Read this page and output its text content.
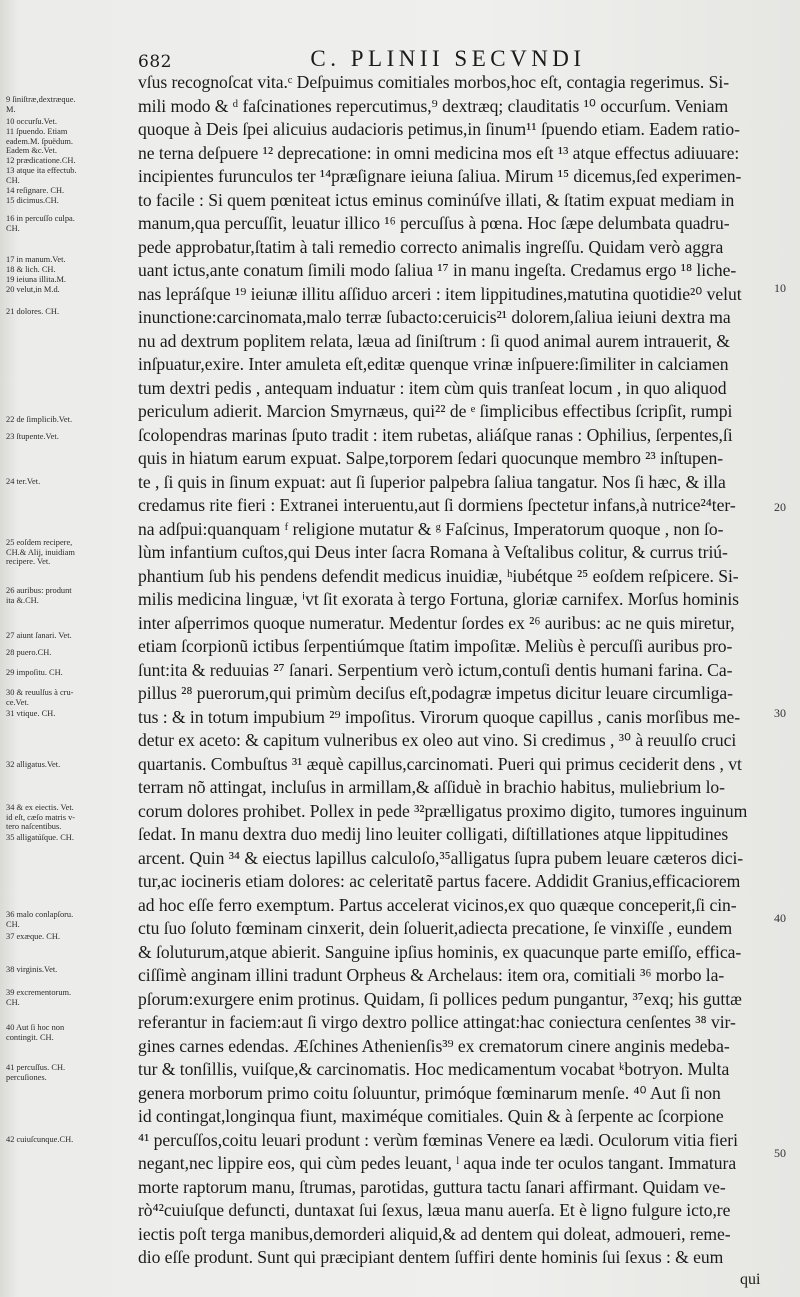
682	C. PLINII SECVNDI
9 ſiniſtræ,dextræque.
M.
10 occurſu.Vet.
11 ſpuendo. Etiam
eadem.M. ſpuëdum.
Eadem &c.Vet.
12 prædicatione.CH.
13 atque ita effectub.
CH.
14 reſignare. CH.
15 dicimus.CH.
16 in percuſſo culpa.
CH.
17 in manum.Vet.
18 & lich. CH.
19 ieiuna illita.M.
20 velut,in M.d.
21 dolores. CH.
22 de ſimplicib.Vet.
23 ſtupente.Vet.
24 ter.Vet.
25 eoſdem recipere,
CH.& Alij, inuidiam
recipere. Vet.
26 auribus: produnt
ita &.CH.
27 aiunt ſanari. Vet.
28 puero.CH.
29 impoſitu. CH.
30 & reuulſus à cru-
ce.Vet.
31 vtique. CH.
32 alligatus.Vet.
34 & ex eiectis. Vet.
id eſt, cæſo matris v-
tero naſcentibus.
35 alligatúſque. CH.
36 malo conlapſoru.
CH.
37 exæque. CH.
38 virginis.Vet.
39 excrementorum.
CH.
40 Aut ſi hoc non
contingit. CH.
41 percuſſus. CH.
percuſiones.
42 cuiuſcunque.CH.
vſus recognoſcat vita.ᶜ Deſpuimus comitiales morbos,hoc eſt, contagia regerimus. Si-
mili modo & ᵈ faſcinationes repercutimus,⁹ dextræq; clauditatis ¹⁰ occurſum. Veniam
quoque à Deis ſpei alicuius audacioris petimus,in ſinum¹¹ ſpuendo etiam. Eadem ratio-
ne terna deſpuere ¹² deprecatione: in omni medicina mos eſt ¹³ atque effectus adiuuare:
incipientes furunculos ter ¹⁴præſignare ieiuna ſaliua. Mirum ¹⁵ dicemus,ſed experimen-
to facile : Si quem pœniteat ictus eminus cominúſve illati, & ſtatim expuat mediam in
manum,qua percuſſit, leuatur illico ¹⁶ percuſſus à pœna. Hoc ſæpe delumbata quadru-
pede approbatur,ſtatim à tali remedio correcto animalis ingreſſu. Quidam verò aggra
uant ictus,ante conatum ſimili modo ſaliua ¹⁷ in manu ingeſta. Credamus ergo ¹⁸ liche-
nas lepráſque ¹⁹ ieiunæ illitu aſſiduo arceri : item lippitudines,matutina quotidie²⁰ velut
inunctione:carcinomata,malo terræ ſubacto:ceruicis²¹ dolorem,ſaliua ieiuni dextra ma
nu ad dextrum poplitem relata, læua ad ſiniſtrum : ſi quod animal aurem intrauerit, &
inſpuatur,exire. Inter amuleta eſt,editæ quenque vrinæ inſpuere:ſimiliter in calciamen
tum dextri pedis , antequam induatur : item cùm quis tranſeat locum , in quo aliquod
periculum adierit. Marcion Smyrnæus, qui²² de ᵉ ſimplicibus effectibus ſcripſit, rumpi
ſcolopendras marinas ſputo tradit : item rubetas, aliáſque ranas : Ophilius, ſerpentes,ſi
quis in hiatum earum expuat. Salpe,torporem ſedari quocunque membro ²³ inſtupen-
te , ſi quis in ſinum expuat: aut ſi ſuperior palpebra ſaliua tangatur. Nos ſi hæc, & illa
credamus rite fieri : Extranei interuentu,aut ſi dormiens ſpectetur infans,à nutrice²⁴ter-
na adſpui:quanquam ᶠ religione mutatur & ᵍ Faſcinus, Imperatorum quoque , non ſo-
lùm infantium cuſtos,qui Deus inter ſacra Romana à Veſtalibus colitur, & currus triú-
phantium ſub his pendens defendit medicus inuidiæ, ʰiubétque ²⁵ eoſdem reſpicere. Si-
milis medicina linguæ, ⁱvt ſit exorata à tergo Fortuna, gloriæ carnifex. Morſus hominis
inter aſperrimos quoque numeratur. Medentur ſordes ex ²⁶ auribus: ac ne quis miretur,
etiam ſcorpionũ ictibus ſerpentiúmque ſtatim impoſitæ. Meliùs è percuſſi auribus pro-
ſunt:ita & reduuias ²⁷ ſanari. Serpentium verò ictum,contuſi dentis humani farina. Ca-
pillus ²⁸ puerorum,qui primùm deciſus eſt,podagræ impetus dicitur leuare circumliga-
tus : & in totum impubium ²⁹ impoſitus. Virorum quoque capillus , canis morſibus me-
detur ex aceto: & capitum vulneribus ex oleo aut vino. Si credimus , ³⁰ à reuulſo cruci
quartanis. Combuſtus ³¹ æquè capillus,carcinomati. Pueri qui primus ceciderit dens , vt
terram nõ attingat, incluſus in armillam,& aſſiduè in brachio habitus, muliebrium lo-
corum dolores prohibet. Pollex in pede ³²prælligatus proximo digito, tumores inguinum
ſedat. In manu dextra duo medij lino leuiter colligati, diſtillationes atque lippitudines
arcent. Quin ³⁴ & eiectus lapillus calculoſo,³⁵alligatus ſupra pubem leuare cæteros dici-
tur,ac iocineris etiam dolores: ac celeritatẽ partus facere. Addidit Granius,efficaciorem
ad hoc eſſe ferro exemptum. Partus accelerat vicinos,ex quo quæque conceperit,ſi cin-
ctu ſuo ſoluto fœminam cinxerit, dein ſoluerit,adiecta precatione, ſe vinxiſſe , eundem
& ſoluturum,atque abierit. Sanguine ipſius hominis, ex quacunque parte emiſſo, effica-
ciſſimè anginam illini tradunt Orpheus & Archelaus: item ora, comitiali ³⁶ morbo la-
pſorum:exurgere enim protinus. Quidam, ſi pollices pedum pungantur, ³⁷exq; his guttæ
referantur in faciem:aut ſi virgo dextro pollice attingat:hac coniectura cenſentes ³⁸ vir-
gines carnes edendas. Æſchines Athenienſis³⁹ ex crematorum cinere anginis medeba-
tur & tonſillis, vuiſque,& carcinomatis. Hoc medicamentum vocabat ᵏbotryon. Multa
genera morborum primo coitu ſoluuntur, primóque fœminarum menſe. ⁴⁰ Aut ſi non
id contingat,longinqua fiunt, maximéque comitiales. Quin & à ſerpente ac ſcorpione
⁴¹ percuſſos,coitu leuari produnt : verùm fœminas Venere ea lædi. Oculorum vitia fieri
negant,nec lippire eos, qui cùm pedes leuant, ˡ aqua inde ter oculos tangant. Immatura
morte raptorum manu, ſtrumas, parotidas, guttura tactu ſanari affirmant. Quidam ve-
rò⁴²cuiuſque defuncti, duntaxat ſui ſexus, læua manu auerſa. Et è ligno fulgure icto,re
iectis poſt terga manibus,demorderi aliquid,& ad dentem qui doleat, admoueri, reme-
dio eſſe produnt. Sunt qui præcipiant dentem ſuffiri dente hominis ſui ſexus : & eum
10
20
30
40
50
qui
